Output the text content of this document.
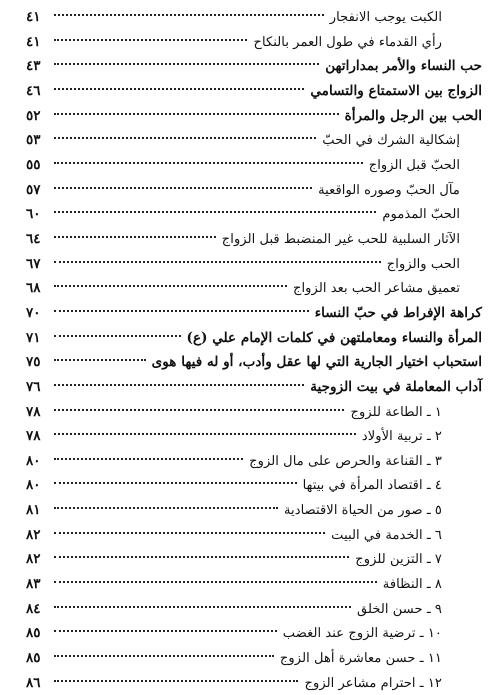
الكبت يوجب الانفجار
٤١
رأي القدماء في طول العمر بالنكاح
٤١
حب النساء والأمر بمداراتهن
٤٣
الزواج بين الاستمتاع والتسامي
٤٦
الحب بين الرجل والمرأة
٥٢
إشكالية الشرك في الحبّ
٥٣
الحبّ قبل الزواج
٥٥
مآل الحبّ وصوره الواقعية
٥٧
الحبّ المذموم
٦٠
الآثار السلبية للحب غير المنضبط قبل الزواج
٦٤
الحب والزواج
٦٧
تعميق مشاعر الحب بعد الزواج
٦٨
كراهة الإفراط في حبّ النساء
٧٠
المرأة والنساء ومعاملتهن في كلمات الإمام علي (ع)
٧١
استحباب اختيار الجارية التي لها عقل وأدب، أو له فيها هوى
٧٥
آداب المعاملة في بيت الزوجية
٧٦
١ ـ الطاعة للزوج
٧٨
٢ ـ تربية الأولاد
٧٨
٣ ـ القناعة والحرص على مال الزوج
٨٠
٤ ـ اقتصاد المرأة في بيتها
٨٠
٥ ـ صور من الحياة الاقتصادية
٨١
٦ ـ الخدمة في البيت
٨٢
٧ ـ التزين للزوج
٨٢
٨ ـ النظافة
٨٣
٩ ـ حسن الخلق
٨٤
١٠ ـ ترضية الزوج عند الغضب
٨٥
١١ ـ حسن معاشرة أهل الزوج
٨٥
١٢ ـ احترام مشاعر الزوج
٨٦
